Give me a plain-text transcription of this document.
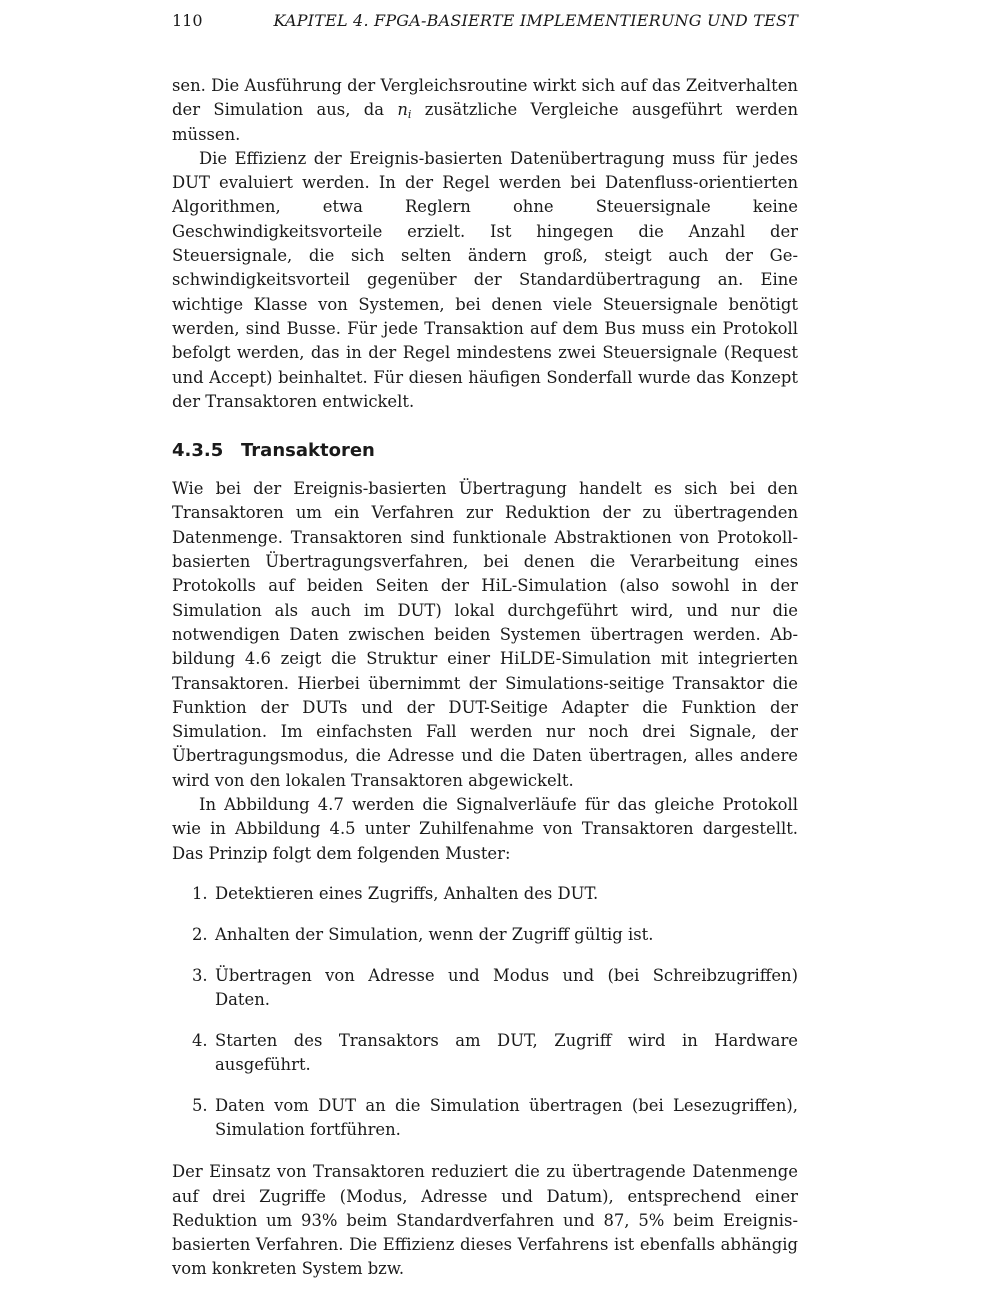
110	KAPITEL 4. FPGA-BASIERTE IMPLEMENTIERUNG UND TEST

sen. Die Ausführung der Vergleichsroutine wirkt sich auf das Zeitverhalten der Simulation aus, da $n_i$ zusätzliche Vergleiche ausgeführt werden müssen.

Die Effizienz der Ereignis-basierten Datenübertragung muss für jedes DUT evaluiert werden. In der Regel werden bei Datenfluss-orientierten Algorithmen, etwa Reglern ohne Steuersignale keine Geschwindigkeitsvorteile erzielt. Ist hingegen die Anzahl der Steuersignale, die sich selten ändern groß, steigt auch der Geschwindigkeitsvorteil gegenüber der Standardübertragung an. Eine wichtige Klasse von Systemen, bei denen viele Steuersignale benötigt werden, sind Busse. Für jede Transaktion auf dem Bus muss ein Protokoll befolgt werden, das in der Regel mindestens zwei Steuersignale (Request und Accept) beinhaltet. Für diesen häufigen Sonderfall wurde das Konzept der Transaktoren entwickelt.

4.3.5 Transaktoren

Wie bei der Ereignis-basierten Übertragung handelt es sich bei den Transaktoren um ein Verfahren zur Reduktion der zu übertragenden Datenmenge. Transaktoren sind funktionale Abstraktionen von Protokoll-basierten Übertragungsverfahren, bei denen die Verarbeitung eines Protokolls auf beiden Seiten der HiL-Simulation (also sowohl in der Simulation als auch im DUT) lokal durchgeführt wird, und nur die notwendigen Daten zwischen beiden Systemen übertragen werden. Abbildung 4.6 zeigt die Struktur einer HiLDE-Simulation mit integrierten Transaktoren. Hierbei übernimmt der Simulations-seitige Transaktor die Funktion der DUTs und der DUT-Seitige Adapter die Funktion der Simulation. Im einfachsten Fall werden nur noch drei Signale, der Übertragungsmodus, die Adresse und die Daten übertragen, alles andere wird von den lokalen Transaktoren abgewickelt.

In Abbildung 4.7 werden die Signalverläufe für das gleiche Protokoll wie in Abbildung 4.5 unter Zuhilfenahme von Transaktoren dargestellt. Das Prinzip folgt dem folgenden Muster:

1. Detektieren eines Zugriffs, Anhalten des DUT.
2. Anhalten der Simulation, wenn der Zugriff gültig ist.
3. Übertragen von Adresse und Modus und (bei Schreibzugriffen) Daten.
4. Starten des Transaktors am DUT, Zugriff wird in Hardware ausgeführt.
5. Daten vom DUT an die Simulation übertragen (bei Lesezugriffen), Simulation fortführen.

Der Einsatz von Transaktoren reduziert die zu übertragende Datenmenge auf drei Zugriffe (Modus, Adresse und Datum), entsprechend einer Reduktion um 93% beim Standardverfahren und 87, 5% beim Ereignis-basierten Verfahren. Die Effizienz dieses Verfahrens ist ebenfalls abhängig vom konkreten System bzw.
